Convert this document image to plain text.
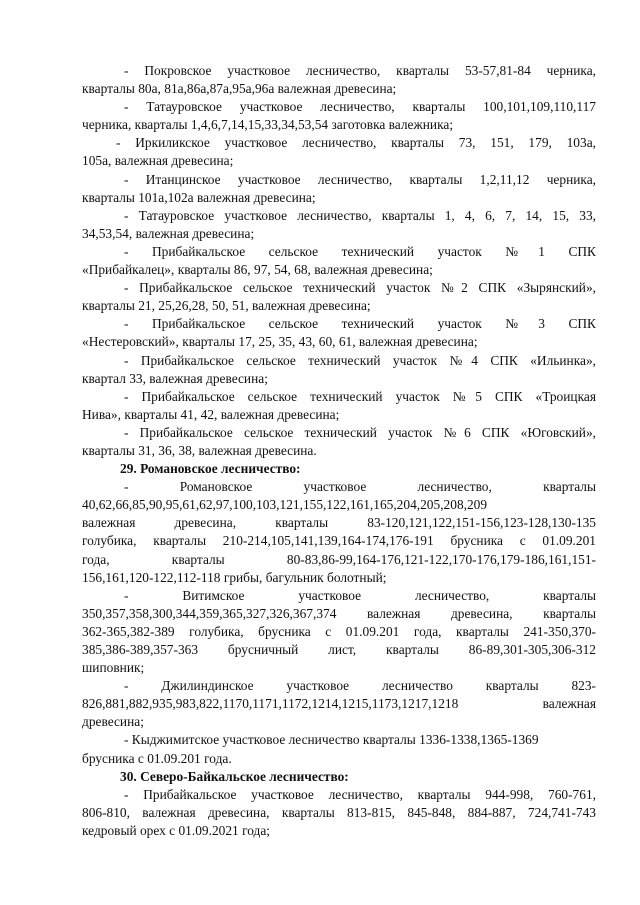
- Покровское участковое лесничество, кварталы 53-57,81-84 черника,
кварталы 80а, 81а,86а,87а,95а,96а валежная древесина;
- Татауровское участковое лесничество, кварталы 100,101,109,110,117
черника, кварталы 1,4,6,7,14,15,33,34,53,54 заготовка валежника;
- Иркиликское участковое лесничество, кварталы 73, 151, 179, 103а,
105а, валежная древесина;
- Итанцинское участковое лесничество, кварталы 1,2,11,12 черника,
кварталы 101а,102а валежная древесина;
- Татауровское участковое лесничество, кварталы 1, 4, 6, 7, 14, 15, 33,
34,53,54, валежная древесина;
- Прибайкальское сельское технический участок №1 СПК
«Прибайкалец», кварталы 86, 97, 54, 68, валежная древесина;
- Прибайкальское сельское технический участок №2 СПК «Зырянский»,
кварталы 21, 25,26,28, 50, 51, валежная древесина;
- Прибайкальское сельское технический участок №3 СПК
«Нестеровский», кварталы 17, 25, 35, 43, 60, 61, валежная древесина;
- Прибайкальское сельское технический участок №4 СПК «Ильинка»,
квартал 33, валежная древесина;
- Прибайкальское сельское технический участок №5 СПК «Троицкая
Нива», кварталы 41, 42, валежная древесина;
- Прибайкальское сельское технический участок №6 СПК «Юговский»,
кварталы 31, 36, 38, валежная древесина.
29. Романовское лесничество:
- Романовское участковое лесничество, кварталы
40,62,66,85,90,95,61,62,97,100,103,121,155,122,161,165,204,205,208,209
валежная древесина, кварталы 83-120,121,122,151-156,123-128,130-135
голубика, кварталы 210-214,105,141,139,164-174,176-191 брусника с 01.09.201
года, кварталы 80-83,86-99,164-176,121-122,170-176,179-186,161,151-
156,161,120-122,112-118 грибы, багульник болотный;
- Витимское участковое лесничество, кварталы
350,357,358,300,344,359,365,327,326,367,374 валежная древесина, кварталы
362-365,382-389 голубика, брусника с 01.09.201 года, кварталы 241-350,370-
385,386-389,357-363 брусничный лист, кварталы 86-89,301-305,306-312
шиповник;
- Джилиндинское участковое лесничество кварталы 823-
826,881,882,935,983,822,1170,1171,1172,1214,1215,1173,1217,1218 валежная
древесина;
- Кыджимитское участковое лесничество кварталы 1336-1338,1365-1369
брусника с 01.09.201 года.
30. Северо-Байкальское лесничество:
- Прибайкальское участковое лесничество, кварталы 944-998, 760-761,
806-810, валежная древесина, кварталы 813-815, 845-848, 884-887, 724,741-743
кедровый орех с 01.09.2021 года;
